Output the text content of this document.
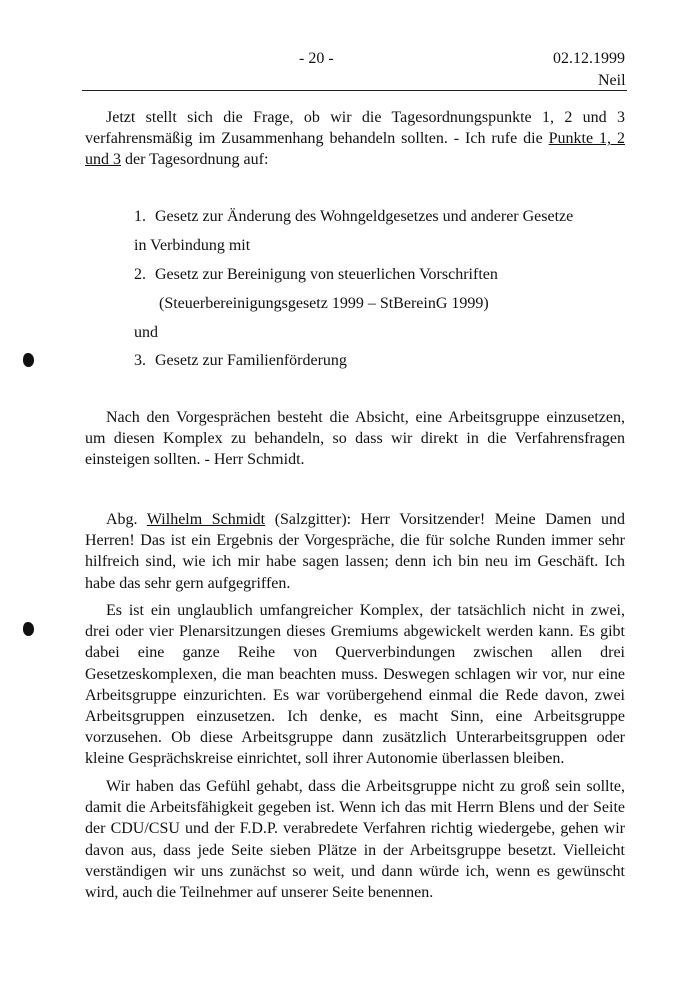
- 20 -	02.12.1999
Neil
Jetzt stellt sich die Frage, ob wir die Tagesordnungspunkte 1, 2 und 3 verfahrensmäßig im Zusammenhang behandeln sollten. - Ich rufe die Punkte 1, 2 und 3 der Tagesordnung auf:
1. Gesetz zur Änderung des Wohngeldgesetzes und anderer Gesetze
in Verbindung mit
2. Gesetz zur Bereinigung von steuerlichen Vorschriften
(Steuerbereinigungsgesetz 1999 – StBereinG 1999)
und
3. Gesetz zur Familienförderung
Nach den Vorgesprächen besteht die Absicht, eine Arbeitsgruppe einzusetzen, um diesen Komplex zu behandeln, so dass wir direkt in die Verfahrensfragen einsteigen sollten. - Herr Schmidt.
Abg. Wilhelm Schmidt (Salzgitter): Herr Vorsitzender! Meine Damen und Herren! Das ist ein Ergebnis der Vorgespräche, die für solche Runden immer sehr hilfreich sind, wie ich mir habe sagen lassen; denn ich bin neu im Geschäft. Ich habe das sehr gern aufgegriffen.
Es ist ein unglaublich umfangreicher Komplex, der tatsächlich nicht in zwei, drei oder vier Plenarsitzungen dieses Gremiums abgewickelt werden kann. Es gibt dabei eine ganze Reihe von Querverbindungen zwischen allen drei Gesetzeskomplexen, die man beachten muss. Deswegen schlagen wir vor, nur eine Arbeitsgruppe einzurichten. Es war vorübergehend einmal die Rede davon, zwei Arbeitsgruppen einzusetzen. Ich denke, es macht Sinn, eine Arbeitsgruppe vorzusehen. Ob diese Arbeitsgruppe dann zusätzlich Unterarbeitsgruppen oder kleine Gesprächskreise einrichtet, soll ihrer Autonomie überlassen bleiben.
Wir haben das Gefühl gehabt, dass die Arbeitsgruppe nicht zu groß sein sollte, damit die Arbeitsfähigkeit gegeben ist. Wenn ich das mit Herrn Blens und der Seite der CDU/CSU und der F.D.P. verabredete Verfahren richtig wiedergebe, gehen wir davon aus, dass jede Seite sieben Plätze in der Arbeitsgruppe besetzt. Vielleicht verständigen wir uns zunächst so weit, und dann würde ich, wenn es gewünscht wird, auch die Teilnehmer auf unserer Seite benennen.
